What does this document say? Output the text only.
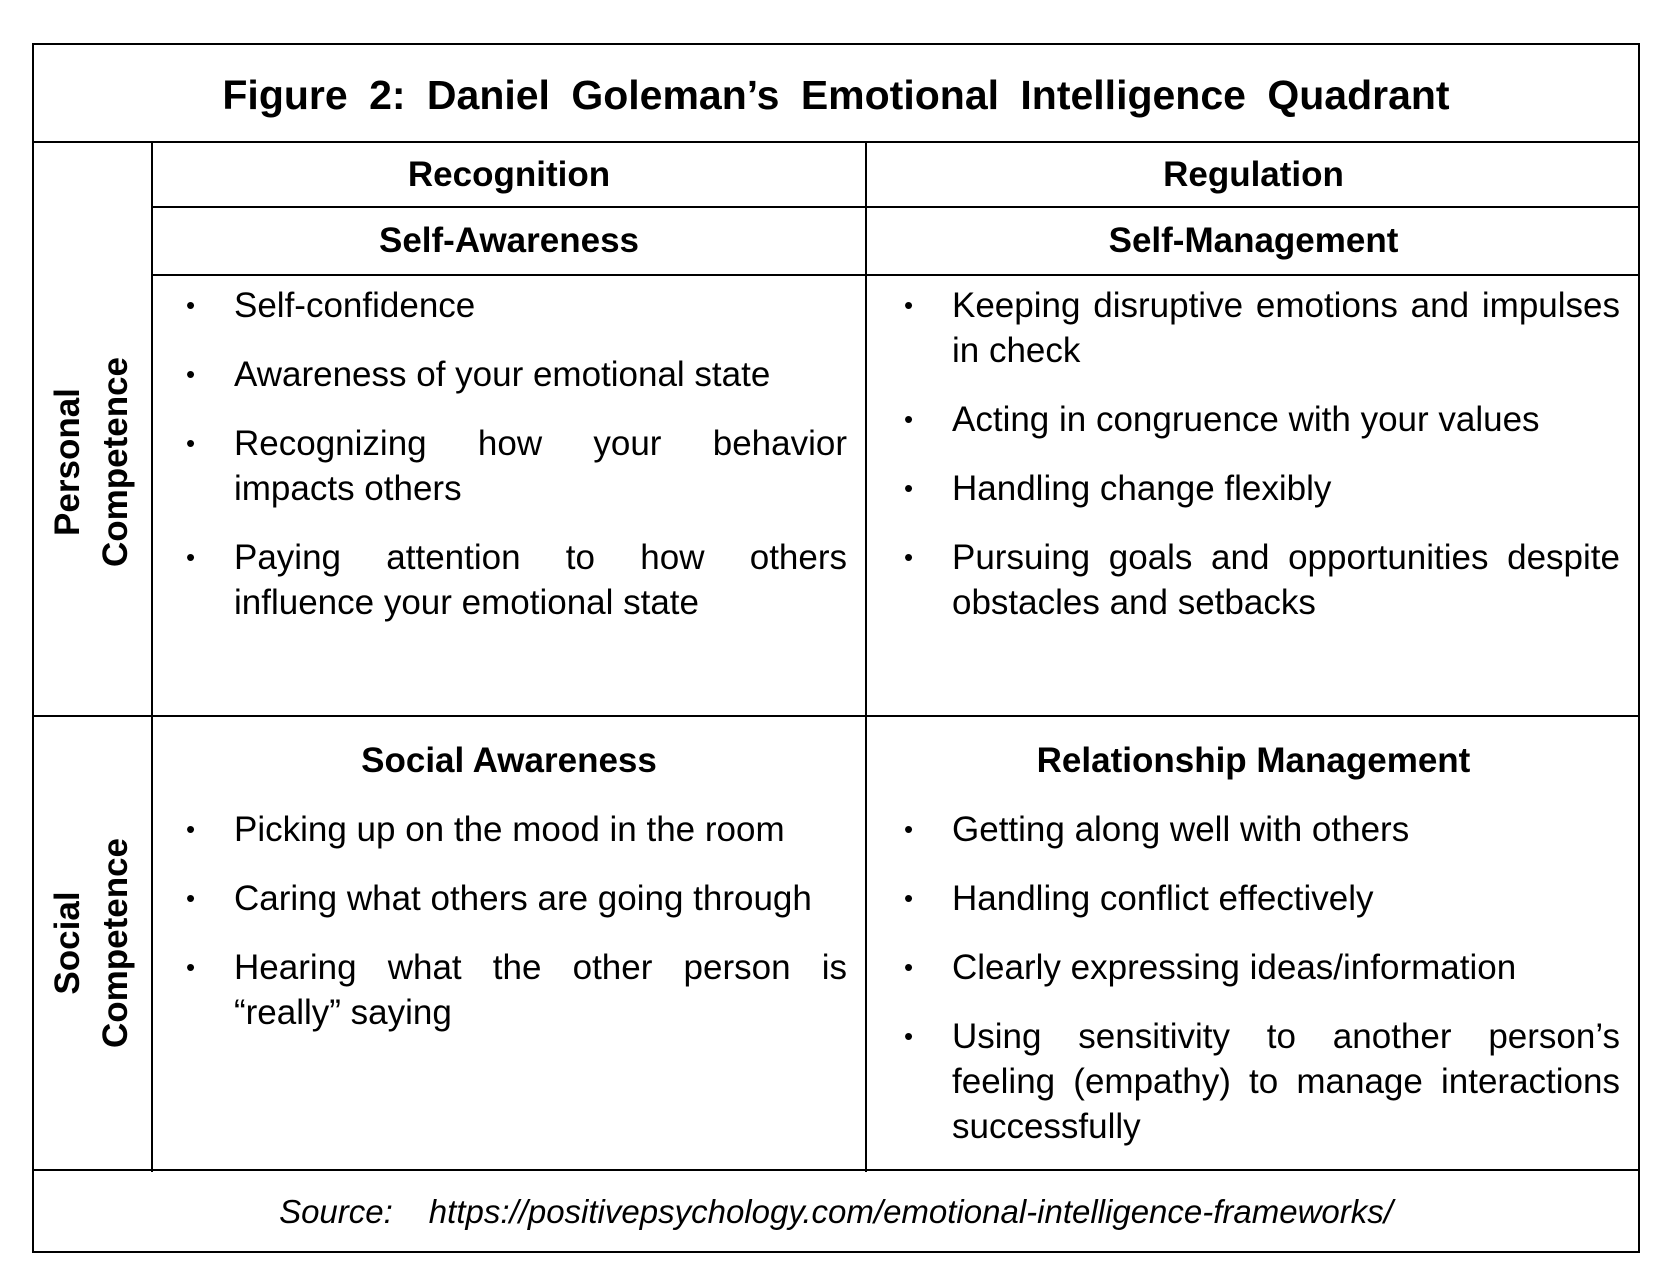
Figure 2: Daniel Goleman’s Emotional Intelligence Quadrant
Recognition	Regulation
Personal Competence
Social Competence
Self-Awareness
• Self-confidence
• Awareness of your emotional state
• Recognizing how your behavior impacts others
• Paying attention to how others influence your emotional state
Self-Management
• Keeping disruptive emotions and impulses in check
• Acting in congruence with your values
• Handling change flexibly
• Pursuing goals and opportunities despite obstacles and setbacks
Social Awareness
• Picking up on the mood in the room
• Caring what others are going through
• Hearing what the other person is “really” saying
Relationship Management
• Getting along well with others
• Handling conflict effectively
• Clearly expressing ideas/information
• Using sensitivity to another person’s feeling (empathy) to manage interactions successfully
Source: https://positivepsychology.com/emotional-intelligence-frameworks/
